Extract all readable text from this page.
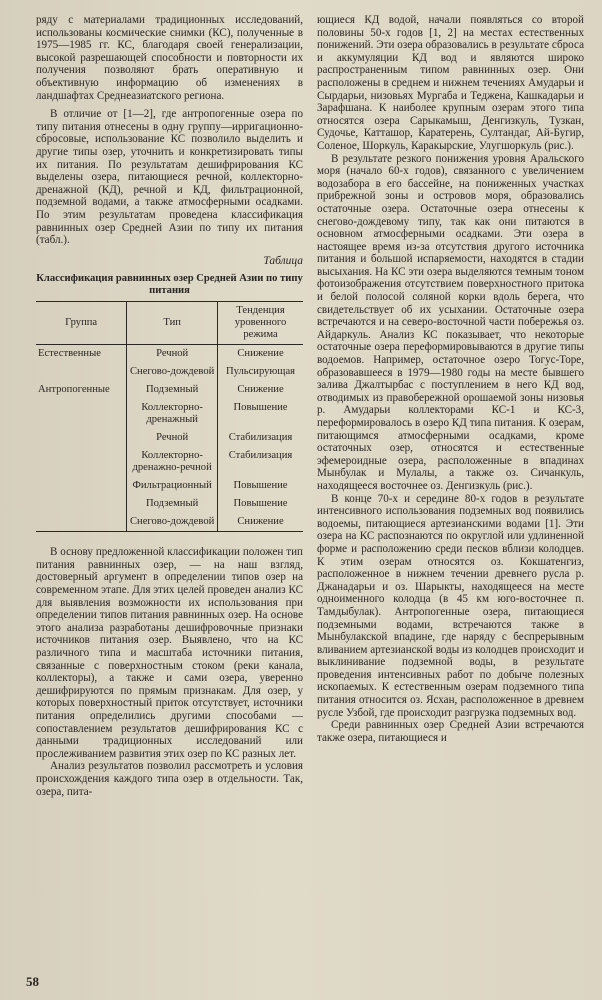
ряду с материалами традиционных исследований, использованы космические снимки (КС), полученные в 1975—1985 гг. КС, благодаря своей генерализации, высокой разрешающей способности и повторности их получения позволяют брать оперативную и объективную информацию об изменениях в ландшафтах Среднеазиатского региона.

В отличие от [1—2], где антропогенные озера по типу питания отнесены в одну группу—ирригационно-сбросовые, использование КС позволило выделить и другие типы озер, уточнить и конкретизировать типы их питания. По результатам дешифрирования КС выделены озера, питающиеся речной, коллекторно-дренажной (КД), речной и КД, фильтрационной, подземной водами, а также атмосферными осадками. По этим результатам проведена классификация равнинных озер Средней Азии по типу их питания (табл.).

Таблица
Классификация равнинных озер Средней Азии по типу питания
Группа	Тип	Тенденция уровенного режима
Естественные	Речной	Снижение
	Снегово-дождевой	Пульсирующая
Антропогенные	Подземный	Снижение
	Коллекторно-дренажный	Повышение
	Речной	Стабилизация
	Коллекторно-дренажно-речной	Стабилизация
	Фильтрационный	Повышение
	Подземный	Повышение
	Снегово-дождевой	Снижение

В основу предложенной классификации положен тип питания равнинных озер, — на наш взгляд, достоверный аргумент в определении типов озер на современном этапе. Для этих целей проведен анализ КС для выявления возможности их использования при определении типов питания равнинных озер. На основе этого анализа разработаны дешифровочные признаки источников питания озер. Выявлено, что на КС различного типа и масштаба источники питания, связанные с поверхностным стоком (реки канала, коллекторы), а также и сами озера, уверенно дешифрируются по прямым признакам. Для озер, у которых поверхностный приток отсутствует, источники питания определились другими способами — сопоставлением результатов дешифрирования КС с данными традиционных исследований или прослеживанием развития этих озер по КС разных лет.

Анализ результатов позволил рассмотреть и условия происхождения каждого типа озер в отдельности. Так, озера, пита-

ющиеся КД водой, начали появляться со второй половины 50-х годов [1, 2] на местах естественных понижений. Эти озера образовались в результате сброса и аккумуляции КД вод и являются широко распространенным типом равнинных озер. Они расположены в среднем и нижнем течениях Амударьи и Сырдарьи, низовьях Мургаба и Теджена, Кашкадарьи и Зарафшана. К наиболее крупным озерам этого типа относятся озера Сарыкамыш, Денгизкуль, Тузкан, Судочье, Катташор, Каратерень, Султандаг, Ай-Бугир, Соленое, Шоркуль, Каракырские, Улугшоркуль (рис.).

В результате резкого понижения уровня Аральского моря (начало 60-х годов), связанного с увеличением водозабора в его бассейне, на пониженных участках прибрежной зоны и островов моря, образовались остаточные озера. Остаточные озера отнесены к снегово-дождевому типу, так как они питаются в основном атмосферными осадками. Эти озера в настоящее время из-за отсутствия другого источника питания и большой испаряемости, находятся в стадии высыхания. На КС эти озера выделяются темным тоном фотоизображения отсутствием поверхностного притока и белой полосой соляной корки вдоль берега, что свидетельствует об их усыхании. Остаточные озера встречаются и на северо-восточной части побережья оз. Айдаркуль. Анализ КС показывает, что некоторые остаточные озера переформировываются в другие типы водоемов. Например, остаточное озеро Тогус-Торе, образовавшееся в 1979—1980 годы на месте бывшего залива Джалтырбас с поступлением в него КД вод, отводимых из правобережной орошаемой зоны низовья р. Амударьи коллекторами КС-1 и КС-3, переформировалось в озеро КД типа питания. К озерам, питающимся атмосферными осадками, кроме остаточных озер, относятся и естественные эфемероидные озера, расположенные в впадинах Мынбулак и Мулалы, а также оз. Сичанкуль, находящееся восточнее оз. Денгизкуль (рис.).

В конце 70-х и середине 80-х годов в результате интенсивного использования подземных вод появились водоемы, питающиеся артезианскими водами [1]. Эти озера на КС распознаются по округлой или удлиненной форме и расположению среди песков вблизи колодцев. К этим озерам относятся оз. Кокшатенгиз, расположенное в нижнем течении древнего русла р. Джанадарьи и оз. Шарыкты, находящееся на месте одноименного колодца (в 45 км юго-восточнее п. Тамдыбулак). Антропогенные озера, питающиеся подземными водами, встречаются также в Мынбулакской впадине, где наряду с беспрерывным вливанием артезианской воды из колодцев происходит и выклинивание подземной воды, в результате проведения интенсивных работ по добыче полезных ископаемых. К естественным озерам подземного типа питания относится оз. Ясхан, расположенное в древнем русле Узбой, где происходит разгрузка подземных вод.

Среди равнинных озер Средней Азии встречаются также озера, питающиеся и

58
